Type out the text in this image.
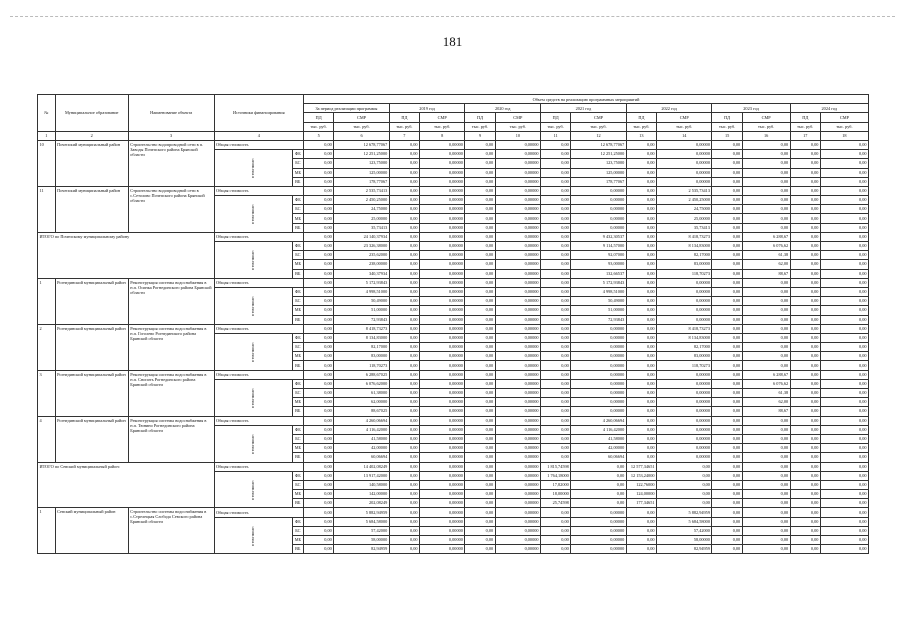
181
№	Муниципальное образование	Наименование объекта	Источники финансирования		Объем средств на реализацию программных мероприятий													
					За период реализации программы		2019 год		2020 год		2021 год		2022 год		2023 год		2024 год	
					ПД	СМР	ПД	СМР	ПД	СМР	ПД	СМР	ПД	СМР	ПД	СМР	ПД	СМР
					тыс. руб.	тыс. руб.	тыс. руб.	тыс. руб.	тыс. руб.	тыс. руб.	тыс. руб.	тыс. руб.	тыс. руб.	тыс. руб.	тыс. руб.	тыс. руб.	тыс. руб.	тыс. руб.
1	2	3	4		5	6	7	8	9	10	11	12	13	14	15	16	17	18
10	Почепский муниципальный район	Строительство водопроводной сети в п. Заводы Почепского района Брянской области	Общая стоимость		0,00	12 678,77067	0,00	0,00000	0,00	0,00000	0,00	12 678,77067	0,00	0,00000	0,00	0,00	0,00	0,00
			в том числе:	ФБ	0,00	12 251,25000	0,00	0,00000	0,00	0,00000	0,00	12 251,25000	0,00	0,00000	0,00	0,00	0,00	0,00
				БС	0,00	123,75000	0,00	0,00000	0,00	0,00000	0,00	123,75000	0,00	0,00000	0,00	0,00	0,00	0,00
				МБ	0,00	125,00000	0,00	0,00000	0,00	0,00000	0,00	125,00000	0,00	0,00000	0,00	0,00	0,00	0,00
				ВБ	0,00	178,77067	0,00	0,00000	0,00	0,00000	0,00	178,77067	0,00	0,00000	0,00	0,00	0,00	0,00
11	Почепский муниципальный район	Строительство водопроводной сети в с.Сетолово Почепского района Брянской области	Общая стоимость		0,00	2 535,73413	0,00	0,00000	0,00	0,00000	0,00	0,00000	0,00	2 535,73413	0,00	0,00	0,00	0,00
			в том числе:	ФБ	0,00	2 450,25000	0,00	0,00000	0,00	0,00000	0,00	0,00000	0,00	2 450,25000	0,00	0,00	0,00	0,00
				БС	0,00	24,75000	0,00	0,00000	0,00	0,00000	0,00	0,00000	0,00	24,75000	0,00	0,00	0,00	0,00
				МБ	0,00	25,00000	0,00	0,00000	0,00	0,00000	0,00	0,00000	0,00	25,00000	0,00	0,00	0,00	0,00
				ВБ	0,00	35,73413	0,00	0,00000	0,00	0,00000	0,00	0,00000	0,00	35,73413	0,00	0,00	0,00	0,00
ИТОГО по Почепскому муниципальному району			Общая стоимость		0,00	24 140,37934	0,00	0,00000	0,00	0,00000	0,00	9 432,30537	0,00	8 418,73273	0,00	6 288,67	0,00	0,00
			в том числе:	ФБ	0,00	23 326,38000	0,00	0,00000	0,00	0,00000	0,00	9 114,57000	0,00	8 134,83000	0,00	6 076,62	0,00	0,00
				БС	0,00	235,62000	0,00	0,00000	0,00	0,00000	0,00	92,07000	0,00	82,17000	0,00	61,38	0,00	0,00
				МБ	0,00	238,00000	0,00	0,00000	0,00	0,00000	0,00	93,00000	0,00	83,00000	0,00	62,00	0,00	0,00
				ВБ	0,00	340,37934	0,00	0,00000	0,00	0,00000	0,00	132,66537	0,00	118,70273	0,00	88,67	0,00	0,00
1	Рогнединский муниципальный район	Реконструкция системы водоснабжения в н.п. Осинка Рогнединского района Брянской области	Общая стоимость		0,00	5 172,93843	0,00	0,00000	0,00	0,00000	0,00	5 172,93843	0,00	0,00000	0,00	0,00	0,00	0,00
			в том числе:	ФБ	0,00	4 998,51000	0,00	0,00000	0,00	0,00000	0,00	4 998,51000	0,00	0,00000	0,00	0,00	0,00	0,00
				БС	0,00	50,49000	0,00	0,00000	0,00	0,00000	0,00	50,49000	0,00	0,00000	0,00	0,00	0,00	0,00
				МБ	0,00	51,00000	0,00	0,00000	0,00	0,00000	0,00	51,00000	0,00	0,00000	0,00	0,00	0,00	0,00
				ВБ	0,00	72,93843	0,00	0,00000	0,00	0,00000	0,00	72,93843	0,00	0,00000	0,00	0,00	0,00	0,00
2	Рогнединский муниципальный район	Реконструкция системы водоснабжения в н.п. Гоголево Рогнединского района Брянской области	Общая стоимость		0,00	8 418,73273	0,00	0,00000	0,00	0,00000	0,00	0,00000	0,00	8 418,73273	0,00	0,00	0,00	0,00
			в том числе:	ФБ	0,00	8 134,83000	0,00	0,00000	0,00	0,00000	0,00	0,00000	0,00	8 134,83000	0,00	0,00	0,00	0,00
				БС	0,00	82,17000	0,00	0,00000	0,00	0,00000	0,00	0,00000	0,00	82,17000	0,00	0,00	0,00	0,00
				МБ	0,00	83,00000	0,00	0,00000	0,00	0,00000	0,00	0,00000	0,00	83,00000	0,00	0,00	0,00	0,00
				ВБ	0,00	118,70273	0,00	0,00000	0,00	0,00000	0,00	0,00000	0,00	118,70273	0,00	0,00	0,00	0,00
3	Рогнединский муниципальный район	Реконструкция системы водоснабжения в н.п. Снопоть Рогнединского района Брянской области	Общая стоимость		0,00	6 288,67025	0,00	0,00000	0,00	0,00000	0,00	0,00000	0,00	0,00000	0,00	6 288,67	0,00	0,00
			в том числе:	ФБ	0,00	6 076,62000	0,00	0,00000	0,00	0,00000	0,00	0,00000	0,00	0,00000	0,00	6 076,62	0,00	0,00
				БС	0,00	61,38000	0,00	0,00000	0,00	0,00000	0,00	0,00000	0,00	0,00000	0,00	61,38	0,00	0,00
				МБ	0,00	62,00000	0,00	0,00000	0,00	0,00000	0,00	0,00000	0,00	0,00000	0,00	62,00	0,00	0,00
				ВБ	0,00	88,67025	0,00	0,00000	0,00	0,00000	0,00	0,00000	0,00	0,00000	0,00	88,67	0,00	0,00
4	Рогнединский муниципальный район	Реконструкция системы водоснабжения в н.п. Тюнино Рогнединского района Брянской области	Общая стоимость		0,00	4 260,06694	0,00	0,00000	0,00	0,00000	0,00	4 260,06694	0,00	0,00000	0,00	0,00	0,00	0,00
			в том числе:	ФБ	0,00	4 116,42000	0,00	0,00000	0,00	0,00000	0,00	4 116,42000	0,00	0,00000	0,00	0,00	0,00	0,00
				БС	0,00	41,58000	0,00	0,00000	0,00	0,00000	0,00	41,58000	0,00	0,00000	0,00	0,00	0,00	0,00
				МБ	0,00	42,00000	0,00	0,00000	0,00	0,00000	0,00	42,00000	0,00	0,00000	0,00	0,00	0,00	0,00
				ВБ	0,00	60,06694	0,00	0,00000	0,00	0,00000	0,00	60,06694	0,00	0,00000	0,00	0,00	0,00	0,00
ИТОГО по Севский муниципальный район:			Общая стоимость		0,00	14 402,08249	0,00	0,00000	0,00	0,00000	1 815,74598	0,00	12 577,34651	0,00	0,00	0,00	0,00	0,00
			в том числе:	ФБ	0,00	13 917,42000	0,00	0,00000	0,00	0,00000	1 764,18000	0,00	12 153,24000	0,00	0,00	0,00	0,00	0,00
				БС	0,00	140,58000	0,00	0,00000	0,00	0,00000	17,82000	0,00	122,76000	0,00	0,00	0,00	0,00	0,00
				МБ	0,00	142,00000	0,00	0,00000	0,00	0,00000	18,00000	0,00	124,00000	0,00	0,00	0,00	0,00	0,00
				ВБ	0,00	202,08249	0,00	0,00000	0,00	0,00000	25,74598	0,00	177,34651	0,00	0,00	0,00	0,00	0,00
1	Севский муниципальный район	Строительство системы водоснабжения в с.Стрелецкая Слобода Севского района Брянской области	Общая стоимость		0,00	5 882,94959	0,00	0,00000	0,00	0,00000	0,00	0,00000	0,00	5 882,94959	0,00	0,00	0,00	0,00
			в том числе:	ФБ	0,00	5 684,58000	0,00	0,00000	0,00	0,00000	0,00	0,00000	0,00	5 684,58000	0,00	0,00	0,00	0,00
				БС	0,00	57,42000	0,00	0,00000	0,00	0,00000	0,00	0,00000	0,00	57,42000	0,00	0,00	0,00	0,00
				МБ	0,00	58,00000	0,00	0,00000	0,00	0,00000	0,00	0,00000	0,00	58,00000	0,00	0,00	0,00	0,00
				ВБ	0,00	82,94959	0,00	0,00000	0,00	0,00000	0,00	0,00000	0,00	82,94959	0,00	0,00	0,00	0,00
